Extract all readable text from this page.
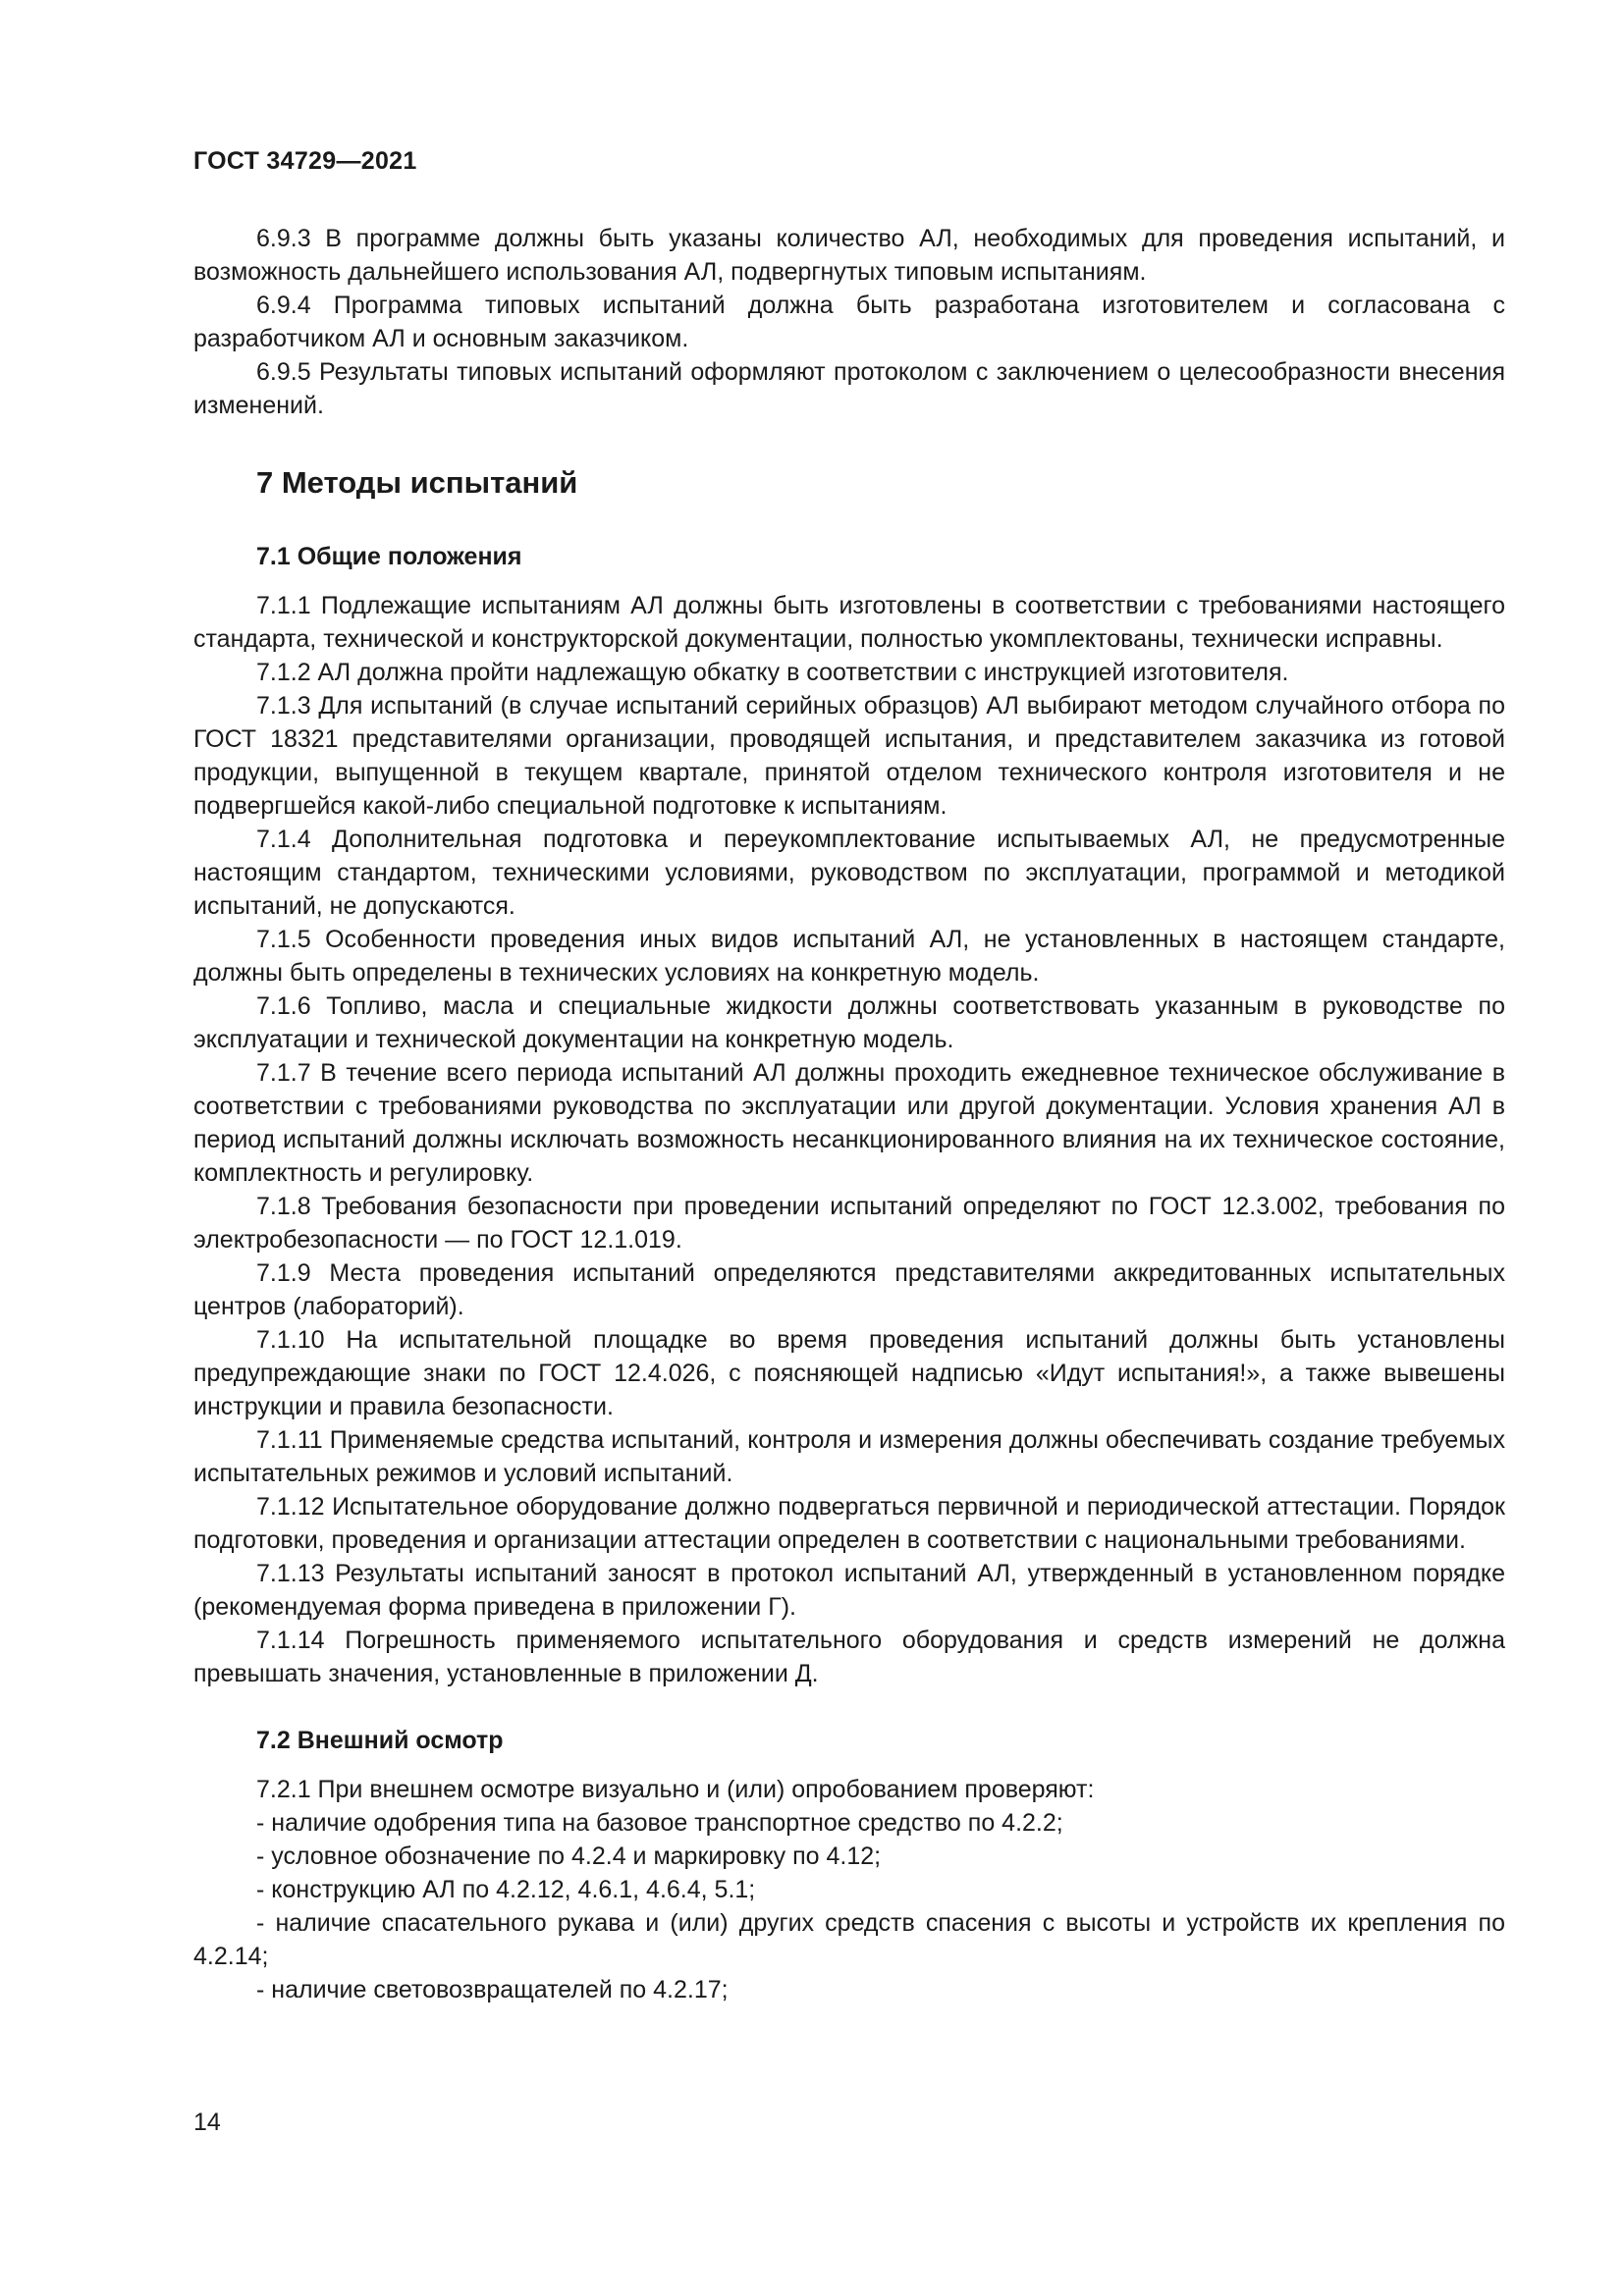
ГОСТ 34729—2021

6.9.3 В программе должны быть указаны количество АЛ, необходимых для проведения испытаний, и возможность дальнейшего использования АЛ, подвергнутых типовым испытаниям.

6.9.4 Программа типовых испытаний должна быть разработана изготовителем и согласована с разработчиком АЛ и основным заказчиком.

6.9.5 Результаты типовых испытаний оформляют протоколом с заключением о целесообразности внесения изменений.

7 Методы испытаний
7.1 Общие положения

7.1.1 Подлежащие испытаниям АЛ должны быть изготовлены в соответствии с требованиями настоящего стандарта, технической и конструкторской документации, полностью укомплектованы, технически исправны.

7.1.2 АЛ должна пройти надлежащую обкатку в соответствии с инструкцией изготовителя.

7.1.3 Для испытаний (в случае испытаний серийных образцов) АЛ выбирают методом случайного отбора по ГОСТ 18321 представителями организации, проводящей испытания, и представителем заказчика из готовой продукции, выпущенной в текущем квартале, принятой отделом технического контроля изготовителя и не подвергшейся какой-либо специальной подготовке к испытаниям.

7.1.4 Дополнительная подготовка и переукомплектование испытываемых АЛ, не предусмотренные настоящим стандартом, техническими условиями, руководством по эксплуатации, программой и методикой испытаний, не допускаются.

7.1.5 Особенности проведения иных видов испытаний АЛ, не установленных в настоящем стандарте, должны быть определены в технических условиях на конкретную модель.

7.1.6 Топливо, масла и специальные жидкости должны соответствовать указанным в руководстве по эксплуатации и технической документации на конкретную модель.

7.1.7 В течение всего периода испытаний АЛ должны проходить ежедневное техническое обслуживание в соответствии с требованиями руководства по эксплуатации или другой документации. Условия хранения АЛ в период испытаний должны исключать возможность несанкционированного влияния на их техническое состояние, комплектность и регулировку.

7.1.8 Требования безопасности при проведении испытаний определяют по ГОСТ 12.3.002, требования по электробезопасности — по ГОСТ 12.1.019.

7.1.9 Места проведения испытаний определяются представителями аккредитованных испытательных центров (лабораторий).

7.1.10 На испытательной площадке во время проведения испытаний должны быть установлены предупреждающие знаки по ГОСТ 12.4.026, с поясняющей надписью «Идут испытания!», а также вывешены инструкции и правила безопасности.

7.1.11 Применяемые средства испытаний, контроля и измерения должны обеспечивать создание требуемых испытательных режимов и условий испытаний.

7.1.12 Испытательное оборудование должно подвергаться первичной и периодической аттестации. Порядок подготовки, проведения и организации аттестации определен в соответствии с национальными требованиями.

7.1.13 Результаты испытаний заносят в протокол испытаний АЛ, утвержденный в установленном порядке (рекомендуемая форма приведена в приложении Г).

7.1.14 Погрешность применяемого испытательного оборудования и средств измерений не должна превышать значения, установленные в приложении Д.

7.2 Внешний осмотр

7.2.1 При внешнем осмотре визуально и (или) опробованием проверяют:

- наличие одобрения типа на базовое транспортное средство по 4.2.2;

- условное обозначение по 4.2.4 и маркировку по 4.12;

- конструкцию АЛ по 4.2.12, 4.6.1, 4.6.4, 5.1;

- наличие спасательного рукава и (или) других средств спасения с высоты и устройств их крепления по 4.2.14;

- наличие световозвращателей по 4.2.17;

14
